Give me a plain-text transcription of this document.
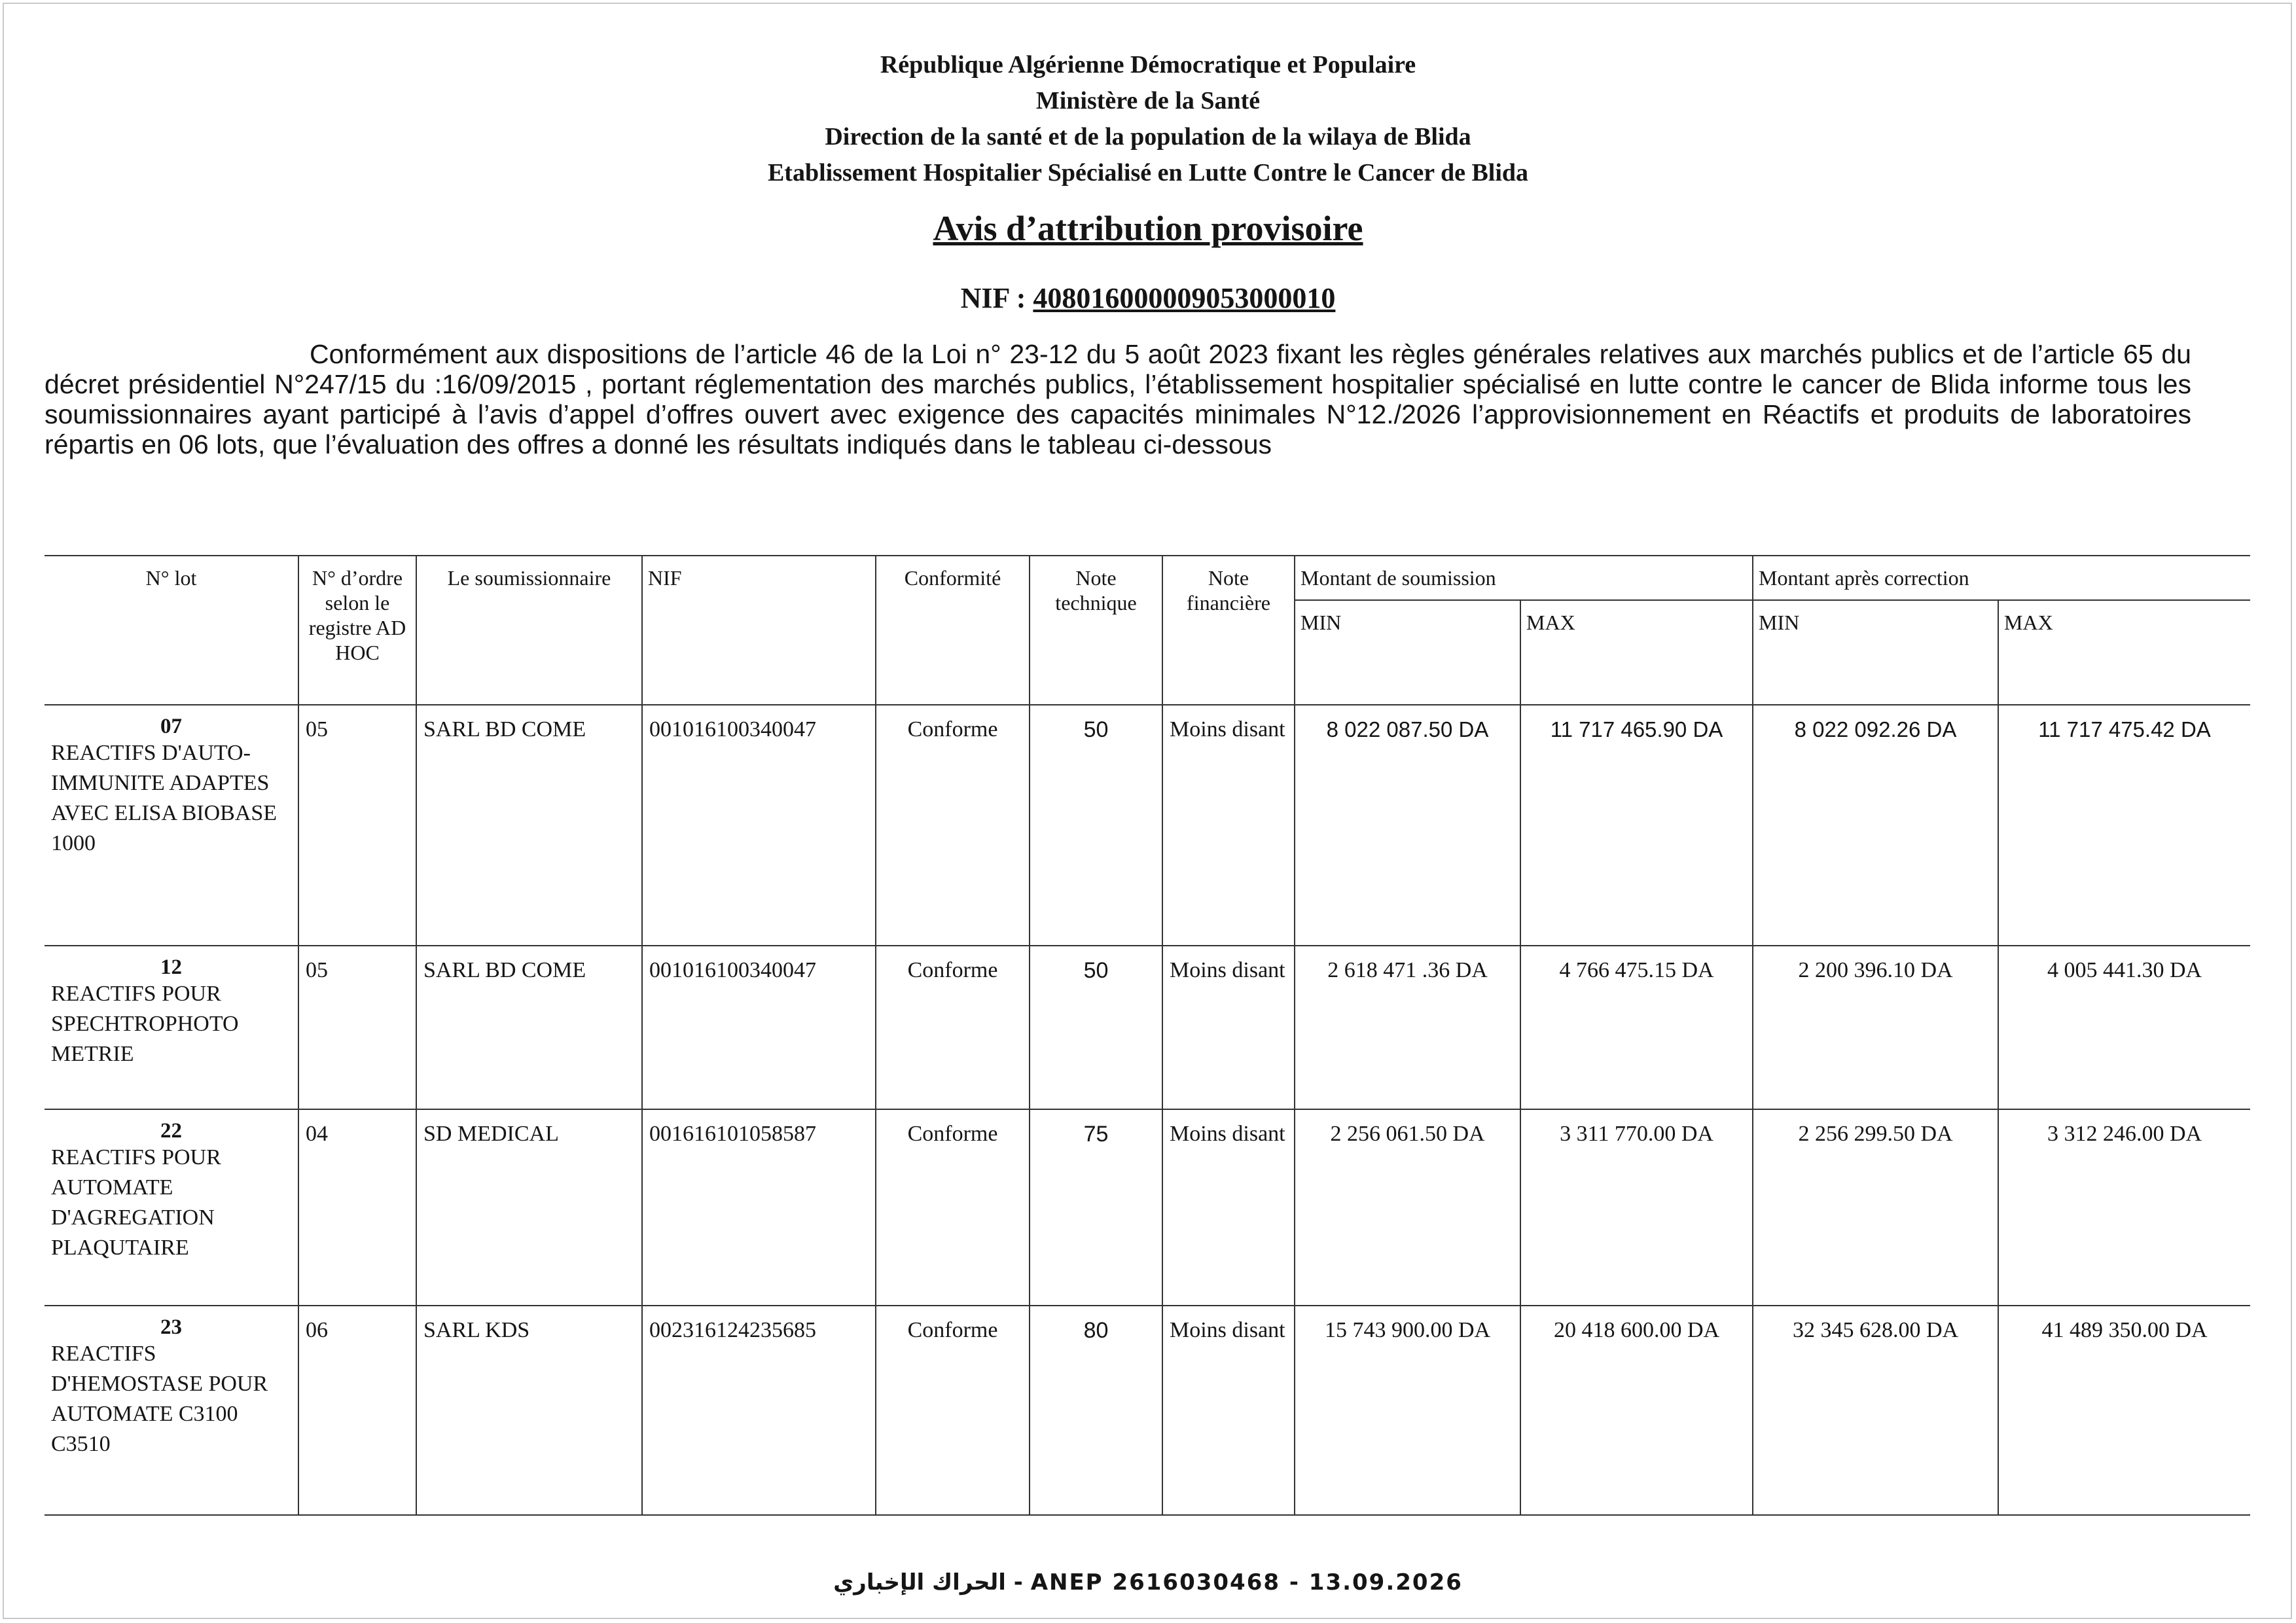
République Algérienne Démocratique et Populaire
Ministère de la Santé
Direction de la santé et de la population de la wilaya de Blida
Etablissement Hospitalier Spécialisé en Lutte Contre le Cancer de Blida
Avis d’attribution provisoire
NIF : 408016000009053000010
Conformément aux dispositions de l’article 46 de la Loi n° 23-12 du 5 août 2023 fixant les règles générales relatives aux marchés publics et de l’article 65 du décret présidentiel N°247/15 du :16/09/2015 , portant réglementation des marchés publics, l’établissement hospitalier spécialisé en lutte contre le cancer de Blida informe tous les soumissionnaires ayant participé à l’avis d’appel d’offres ouvert avec exigence des capacités minimales N°12./2026 l’approvisionnement en Réactifs et produits de laboratoires répartis en 06 lots, que l’évaluation des offres a donné les résultats indiqués dans le tableau ci-dessous
N° lot	N° d’ordre selon le registre AD HOC	Le soumissionnaire	NIF	Conformité	Note technique	Note financière	Montant de soumission		Montant après correction	
							MIN	MAX	MIN	MAX

07
REACTIFS D'AUTO-IMMUNITE ADAPTES AVEC ELISA BIOBASE 1000	05	SARL BD COME	001016100340047	Conforme	50	Moins disant	8 022 087.50 DA	11 717 465.90 DA	8 022 092.26 DA	11 717 475.42 DA

12
REACTIFS POUR SPECHTROPHOTO METRIE	05	SARL BD COME	001016100340047	Conforme	50	Moins disant	2 618 471 .36 DA	4 766 475.15 DA	2 200 396.10 DA	4 005 441.30 DA

22
REACTIFS POUR AUTOMATE D'AGREGATION PLAQUTAIRE	04	SD MEDICAL	001616101058587	Conforme	75	Moins disant	2 256 061.50 DA	3 311 770.00 DA	2 256 299.50 DA	3 312 246.00 DA

23
REACTIFS D'HEMOSTASE POUR AUTOMATE C3100 C3510	06	SARL KDS	002316124235685	Conforme	80	Moins disant	15 743 900.00 DA	20 418 600.00 DA	32 345 628.00 DA	41 489 350.00 DA
الحراك الإخباري - ANEP 2616030468 - 13.09.2026
